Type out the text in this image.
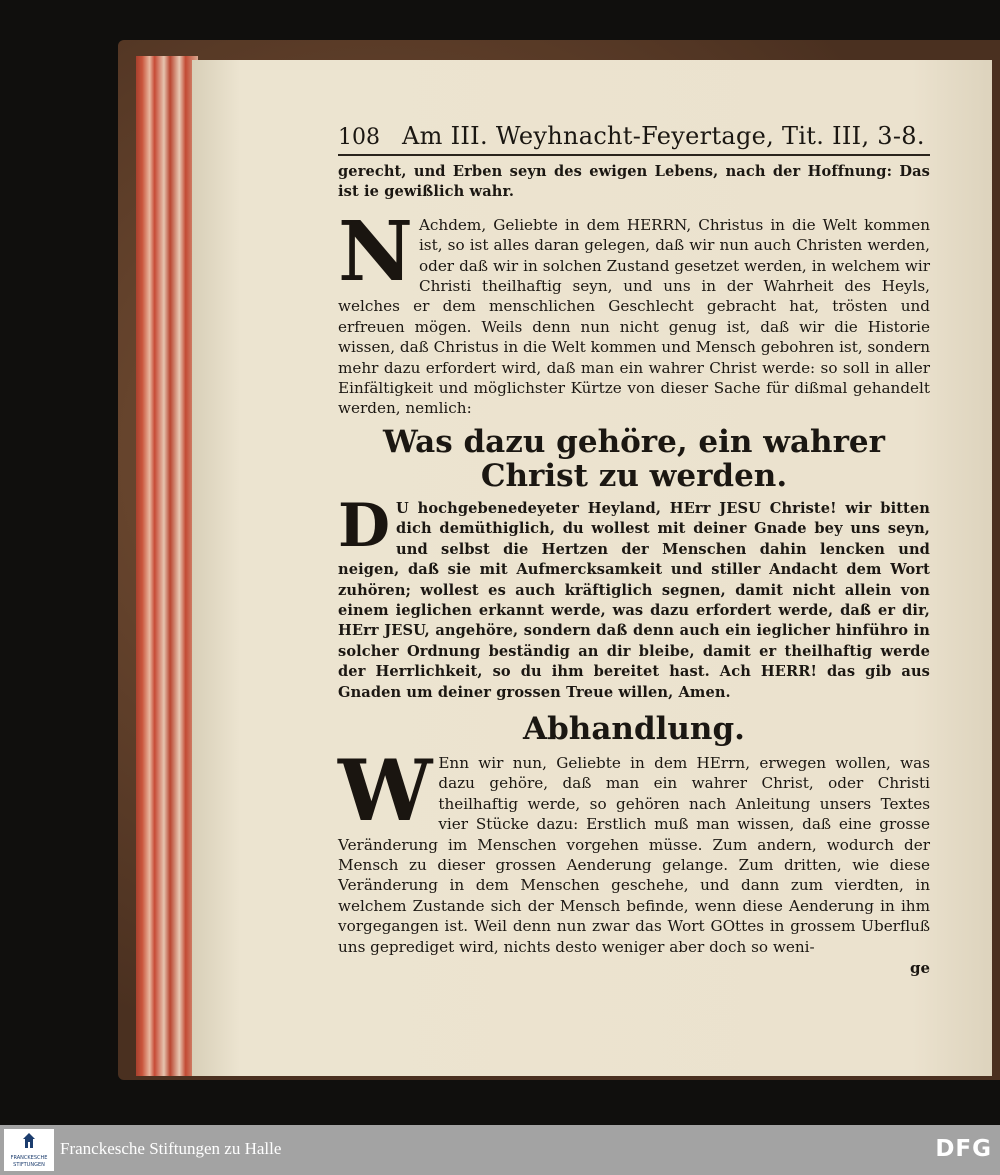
108 Am III. Weyhnacht-Feyertage, Tit. III, 3-8.

gerecht, und Erben seyn des ewigen Lebens, nach der Hoffnung: Das ist ie gewißlich wahr.

N Achdem, Geliebte in dem HERRN, Christus in die Welt kommen ist, so ist alles daran gelegen, daß wir nun auch Christen werden, oder daß wir in solchen Zustand gesetzet werden, in welchem wir Christi theilhaftig seyn, und uns in der Wahrheit des Heyls, welches er dem menschlichen Geschlecht gebracht hat, trösten und erfreuen mögen. Weils denn nun nicht genug ist, daß wir die Historie wissen, daß Christus in die Welt kommen und Mensch gebohren ist, sondern mehr dazu erfordert wird, daß man ein wahrer Christ werde: so soll in aller Einfältigkeit und möglichster Kürtze von dieser Sache für dißmal gehandelt werden, nemlich:

Was dazu gehöre, ein wahrer Christ zu werden.
D U hochgebenedeyeter Heyland, HErr JESU Christe! wir bitten dich demüthiglich, du wollest mit deiner Gnade bey uns seyn, und selbst die Hertzen der Menschen dahin lencken und neigen, daß sie mit Aufmercksamkeit und stiller Andacht dem Wort zuhören; wollest es auch kräftiglich segnen, damit nicht allein von einem ieglichen erkannt werde, was dazu erfordert werde, daß er dir, HErr JESU, angehöre, sondern daß denn auch ein ieglicher hinführo in solcher Ordnung beständig an dir bleibe, damit er theilhaftig werde der Herrlichkeit, so du ihm bereitet hast. Ach HERR! das gib aus Gnaden um deiner grossen Treue willen, Amen.

Abhandlung.
W Enn wir nun, Geliebte in dem HErrn, erwegen wollen, was dazu gehöre, daß man ein wahrer Christ, oder Christi theilhaftig werde, so gehören nach Anleitung unsers Textes vier Stücke dazu: Erstlich muß man wissen, daß eine grosse Veränderung im Menschen vorgehen müsse. Zum andern, wodurch der Mensch zu dieser grossen Aenderung gelange. Zum dritten, wie diese Veränderung in dem Menschen geschehe, und dann zum vierdten, in welchem Zustande sich der Mensch befinde, wenn diese Aenderung in ihm vorgegangen ist. Weil denn nun zwar das Wort GOttes in grossem Uberfluß uns geprediget wird, nichts desto weniger aber doch so weni-

ge
FRANCKESCHE
STIFTUNGEN
Franckesche Stiftungen zu Halle	DFG
